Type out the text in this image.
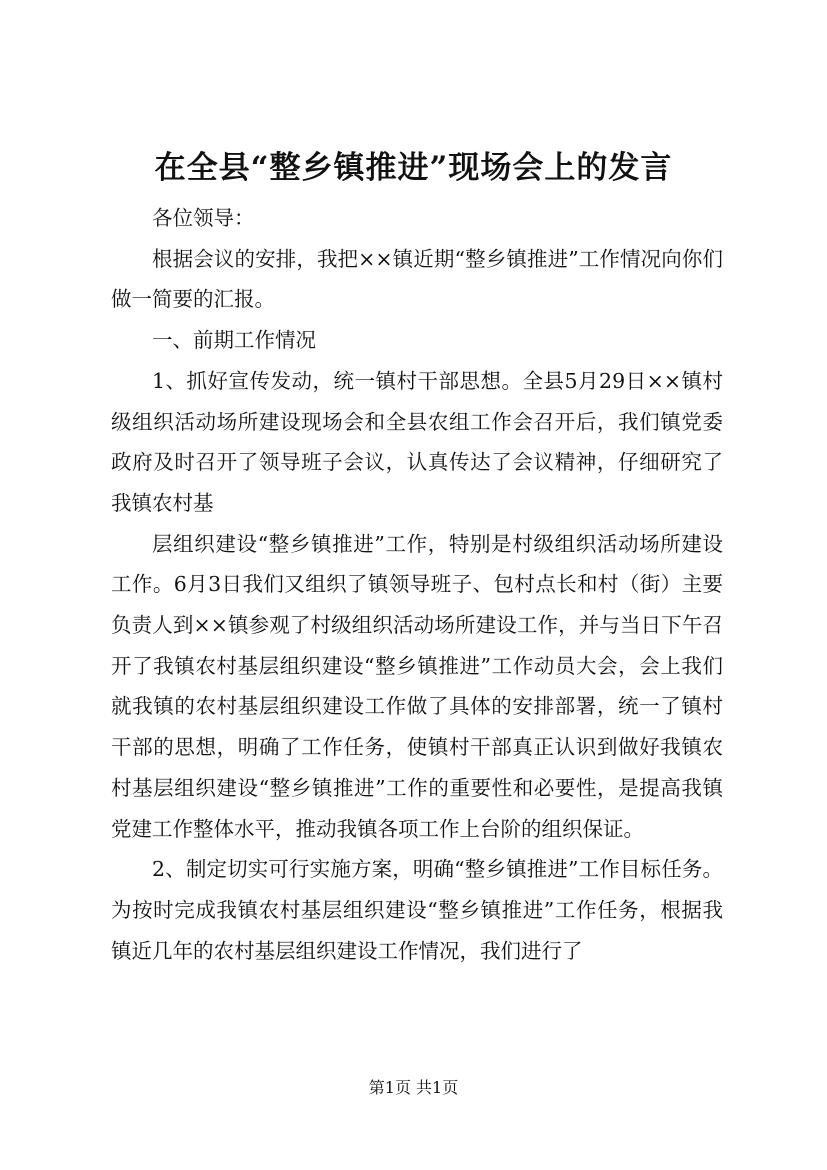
在全县“整乡镇推进”现场会上的发言

各位领导：

根据会议的安排，我把××镇近期“整乡镇推进”工作情况向你们做一简要的汇报。

一、前期工作情况

1、抓好宣传发动，统一镇村干部思想。全县5月29日××镇村级组织活动场所建设现场会和全县农组工作会召开后，我们镇党委政府及时召开了领导班子会议，认真传达了会议精神，仔细研究了我镇农村基

层组织建设“整乡镇推进”工作，特别是村级组织活动场所建设工作。6月3日我们又组织了镇领导班子、包村点长和村（街）主要负责人到××镇参观了村级组织活动场所建设工作，并与当日下午召开了我镇农村基层组织建设“整乡镇推进”工作动员大会，会上我们就我镇的农村基层组织建设工作做了具体的安排部署，统一了镇村干部的思想，明确了工作任务，使镇村干部真正认识到做好我镇农村基层组织建设“整乡镇推进”工作的重要性和必要性，是提高我镇党建工作整体水平，推动我镇各项工作上台阶的组织保证。

2、制定切实可行实施方案，明确“整乡镇推进”工作目标任务。为按时完成我镇农村基层组织建设“整乡镇推进”工作任务，根据我镇近几年的农村基层组织建设工作情况，我们进行了

第1页 共1页
